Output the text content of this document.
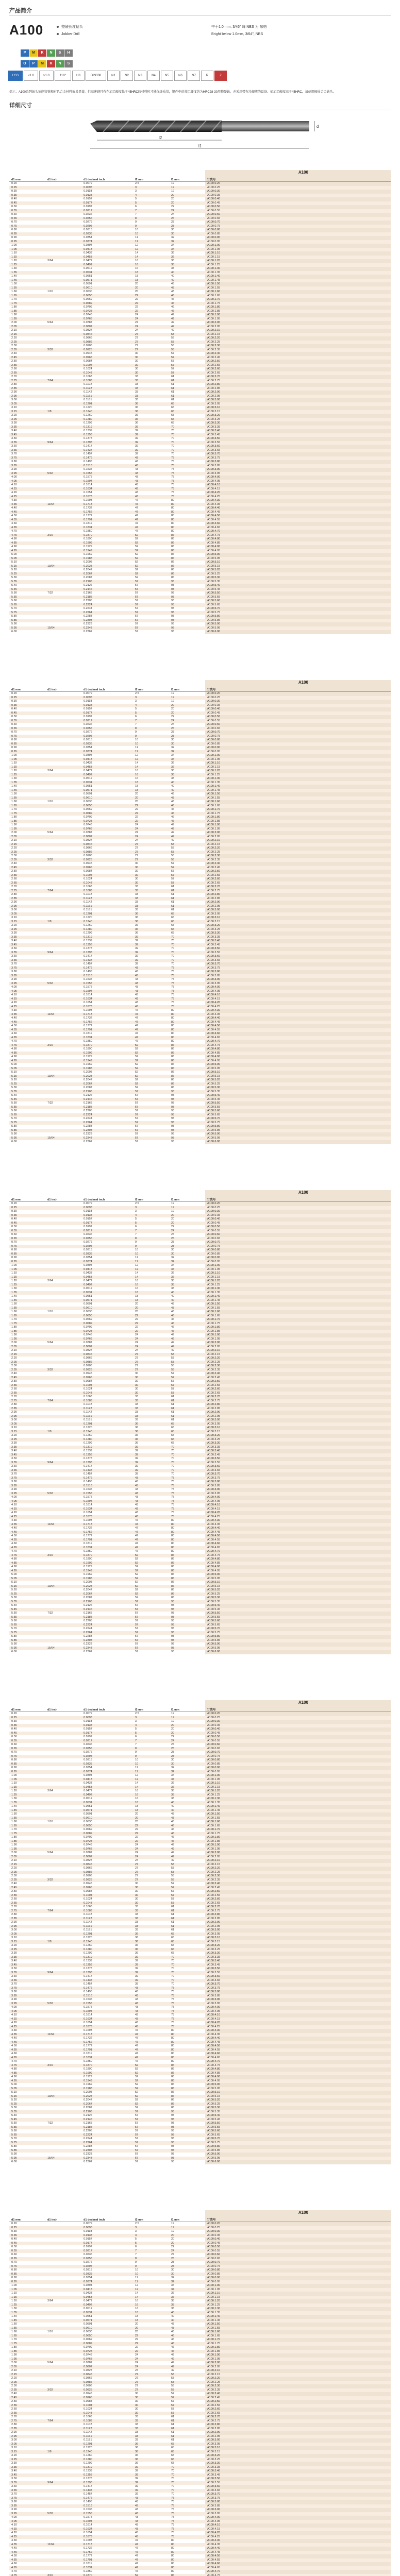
产品简介
A100	整硬长度钻头
Jobber Drill
中于1.0 mm, 3/46" 每 NBS 为 东格
Bright below 1.0mm, 3/64", NBS
P M K N S H
O P M K N S
HSS	≤1.0	≥1.0	118°	H8	DIN338	N1	N2	N3	N4	N5	N6	N7	R	Z
提示：A100系列钻头钻削铸铁和有色合金材料效果显著，但高速钢只有在加工硬度低于45HRC的材料时才能保证质量，钢件中的加工硬度约为HRC28-30用整硬钻，并采用带有冷却液的设备。如加工硬度高于45HRC，请使用硬质合金钻头。
详细尺寸
l2
l1
d
A100
d1 mm	d1 inch	d1 decimal inch	l2 mm	l1 mm	订货号
0.20		0.0079	2.5	19	A100.0.20
0.25		0.0098	3	19	A100.0.25
0.30		0.0118	3	19	A100.0.30
0.35		0.0138	4	20	A100.0.35
0.40		0.0157	5	20	A100.0.40
0.45		0.0177	5	20	A100.0.45
0.50		0.0197	6	22	A100.0.50
0.55		0.0217	7	24	A100.0.55
0.60		0.0236	7	24	A100.0.60
0.65		0.0256	8	26	A100.0.65
0.70		0.0276	9	28	A100.0.70
0.75		0.0295	9	28	A100.0.75
0.80		0.0315	10	30	A100.0.80
0.85		0.0335	10	30	A100.0.85
0.90		0.0354	11	32	A100.0.90
0.95		0.0374	11	32	A100.0.95
1.00		0.0394	12	34	A100.1.00
1.05		0.0413	12	34	A100.1.05
1.10		0.0433	14	36	A100.1.10
1.15		0.0453	14	36	A100.1.15
1.20	3/64	0.0472	16	38	A100.1.20
1.25		0.0492	16	38	A100.1.25
1.30		0.0512	16	38	A100.1.30
1.35		0.0531	18	40	A100.1.35
1.40		0.0551	18	40	A100.1.40
1.45		0.0571	18	40	A100.1.45
1.50		0.0591	20	43	A100.1.50
1.55		0.0610	20	43	A100.1.55
1.60	1/16	0.0630	20	43	A100.1.60
1.65		0.0650	22	46	A100.1.65
1.70		0.0669	22	46	A100.1.70
1.75		0.0689	22	46	A100.1.75
1.80		0.0709	22	46	A100.1.80
1.85		0.0728	22	46	A100.1.85
1.90		0.0748	24	49	A100.1.90
1.95		0.0768	24	49	A100.1.95
2.00	5/64	0.0787	24	49	A100.2.00
2.05		0.0807	24	49	A100.2.05
2.10		0.0827	24	49	A100.2.10
2.15		0.0846	27	53	A100.2.15
2.20		0.0866	27	53	A100.2.20
2.25		0.0886	27	53	A100.2.25
2.30		0.0906	27	53	A100.2.30
2.35	3/32	0.0925	27	53	A100.2.35
2.40		0.0945	30	57	A100.2.40
2.45		0.0965	30	57	A100.2.45
2.50		0.0984	30	57	A100.2.50
2.55		0.1004	30	57	A100.2.55
2.60		0.1024	30	57	A100.2.60
2.65		0.1043	30	57	A100.2.65
2.70		0.1063	33	61	A100.2.70
2.75	7/64	0.1083	33	61	A100.2.75
2.80		0.1102	33	61	A100.2.80
2.85		0.1122	33	61	A100.2.85
2.90		0.1142	33	61	A100.2.90
2.95		0.1161	33	61	A100.2.95
3.00		0.1181	33	61	A100.3.00
3.05		0.1201	36	65	A100.3.05
3.10		0.1220	36	65	A100.3.10
3.15	1/8	0.1240	36	65	A100.3.15
3.20		0.1260	36	65	A100.3.20
3.25		0.1280	36	65	A100.3.25
3.30		0.1299	36	65	A100.3.30
3.35		0.1319	39	70	A100.3.35
3.40		0.1339	39	70	A100.3.40
3.45		0.1358	39	70	A100.3.45
3.50		0.1378	39	70	A100.3.50
3.55	9/64	0.1398	39	70	A100.3.55
3.60		0.1417	39	70	A100.3.60
3.65		0.1437	39	70	A100.3.65
3.70		0.1457	39	70	A100.3.70
3.75		0.1476	43	75	A100.3.75
3.80		0.1496	43	75	A100.3.80
3.85		0.1516	43	75	A100.3.85
3.90		0.1535	43	75	A100.3.90
3.95	5/32	0.1555	43	75	A100.3.95
4.00		0.1575	43	75	A100.4.00
4.05		0.1594	43	75	A100.4.05
4.10		0.1614	43	75	A100.4.10
4.15		0.1634	43	75	A100.4.15
4.20		0.1654	43	75	A100.4.20
4.25		0.1673	43	75	A100.4.25
4.30		0.1693	47	80	A100.4.30
4.35	11/64	0.1713	47	80	A100.4.35
4.40		0.1732	47	80	A100.4.40
4.45		0.1752	47	80	A100.4.45
4.50		0.1772	47	80	A100.4.50
4.55		0.1791	47	80	A100.4.55
4.60		0.1811	47	80	A100.4.60
4.65		0.1831	47	80	A100.4.65
4.70		0.1850	47	80	A100.4.70
4.75	3/16	0.1870	52	86	A100.4.75
4.80		0.1890	52	86	A100.4.80
4.85		0.1909	52	86	A100.4.85
4.90		0.1929	52	86	A100.4.90
4.95		0.1949	52	86	A100.4.95
5.00		0.1969	52	86	A100.5.00
5.05		0.1988	52	86	A100.5.05
5.10		0.2008	52	86	A100.5.10
5.15	13/64	0.2028	52	86	A100.5.15
5.20		0.2047	52	86	A100.5.20
5.25		0.2067	52	86	A100.5.25
5.30		0.2087	52	86	A100.5.30
5.35		0.2106	57	93	A100.5.35
5.40		0.2126	57	93	A100.5.40
5.45		0.2146	57	93	A100.5.45
5.50	7/32	0.2165	57	93	A100.5.50
5.55		0.2185	57	93	A100.5.55
5.60		0.2205	57	93	A100.5.60
5.65		0.2224	57	93	A100.5.65
5.70		0.2244	57	93	A100.5.70
5.75		0.2264	57	93	A100.5.75
5.80		0.2283	57	93	A100.5.80
5.85		0.2303	57	93	A100.5.85
5.90		0.2323	57	93	A100.5.90
5.95	15/64	0.2343	57	93	A100.5.95
6.00		0.2362	57	93	A100.6.00
A100
d1 mm	d1 inch	d1 decimal inch	l2 mm	l1 mm	订货号
0.20		0.0079	2.5	19	A100.0.20
0.25		0.0098	3	19	A100.0.25
0.30		0.0118	3	19	A100.0.30
0.35		0.0138	4	20	A100.0.35
0.40		0.0157	5	20	A100.0.40
0.45		0.0177	5	20	A100.0.45
0.50		0.0197	6	22	A100.0.50
0.55		0.0217	7	24	A100.0.55
0.60		0.0236	7	24	A100.0.60
0.65		0.0256	8	26	A100.0.65
0.70		0.0276	9	28	A100.0.70
0.75		0.0295	9	28	A100.0.75
0.80		0.0315	10	30	A100.0.80
0.85		0.0335	10	30	A100.0.85
0.90		0.0354	11	32	A100.0.90
0.95		0.0374	11	32	A100.0.95
1.00		0.0394	12	34	A100.1.00
1.05		0.0413	12	34	A100.1.05
1.10		0.0433	14	36	A100.1.10
1.15		0.0453	14	36	A100.1.15
1.20	3/64	0.0472	16	38	A100.1.20
1.25		0.0492	16	38	A100.1.25
1.30		0.0512	16	38	A100.1.30
1.35		0.0531	18	40	A100.1.35
1.40		0.0551	18	40	A100.1.40
1.45		0.0571	18	40	A100.1.45
1.50		0.0591	20	43	A100.1.50
1.55		0.0610	20	43	A100.1.55
1.60	1/16	0.0630	20	43	A100.1.60
1.65		0.0650	22	46	A100.1.65
1.70		0.0669	22	46	A100.1.70
1.75		0.0689	22	46	A100.1.75
1.80		0.0709	22	46	A100.1.80
1.85		0.0728	22	46	A100.1.85
1.90		0.0748	24	49	A100.1.90
1.95		0.0768	24	49	A100.1.95
2.00	5/64	0.0787	24	49	A100.2.00
2.05		0.0807	24	49	A100.2.05
2.10		0.0827	24	49	A100.2.10
2.15		0.0846	27	53	A100.2.15
2.20		0.0866	27	53	A100.2.20
2.25		0.0886	27	53	A100.2.25
2.30		0.0906	27	53	A100.2.30
2.35	3/32	0.0925	27	53	A100.2.35
2.40		0.0945	30	57	A100.2.40
2.45		0.0965	30	57	A100.2.45
2.50		0.0984	30	57	A100.2.50
2.55		0.1004	30	57	A100.2.55
2.60		0.1024	30	57	A100.2.60
2.65		0.1043	30	57	A100.2.65
2.70		0.1063	33	61	A100.2.70
2.75	7/64	0.1083	33	61	A100.2.75
2.80		0.1102	33	61	A100.2.80
2.85		0.1122	33	61	A100.2.85
2.90		0.1142	33	61	A100.2.90
2.95		0.1161	33	61	A100.2.95
3.00		0.1181	33	61	A100.3.00
3.05		0.1201	36	65	A100.3.05
3.10		0.1220	36	65	A100.3.10
3.15	1/8	0.1240	36	65	A100.3.15
3.20		0.1260	36	65	A100.3.20
3.25		0.1280	36	65	A100.3.25
3.30		0.1299	36	65	A100.3.30
3.35		0.1319	39	70	A100.3.35
3.40		0.1339	39	70	A100.3.40
3.45		0.1358	39	70	A100.3.45
3.50		0.1378	39	70	A100.3.50
3.55	9/64	0.1398	39	70	A100.3.55
3.60		0.1417	39	70	A100.3.60
3.65		0.1437	39	70	A100.3.65
3.70		0.1457	39	70	A100.3.70
3.75		0.1476	43	75	A100.3.75
3.80		0.1496	43	75	A100.3.80
3.85		0.1516	43	75	A100.3.85
3.90		0.1535	43	75	A100.3.90
3.95	5/32	0.1555	43	75	A100.3.95
4.00		0.1575	43	75	A100.4.00
4.05		0.1594	43	75	A100.4.05
4.10		0.1614	43	75	A100.4.10
4.15		0.1634	43	75	A100.4.15
4.20		0.1654	43	75	A100.4.20
4.25		0.1673	43	75	A100.4.25
4.30		0.1693	47	80	A100.4.30
4.35	11/64	0.1713	47	80	A100.4.35
4.40		0.1732	47	80	A100.4.40
4.45		0.1752	47	80	A100.4.45
4.50		0.1772	47	80	A100.4.50
4.55		0.1791	47	80	A100.4.55
4.60		0.1811	47	80	A100.4.60
4.65		0.1831	47	80	A100.4.65
4.70		0.1850	47	80	A100.4.70
4.75	3/16	0.1870	52	86	A100.4.75
4.80		0.1890	52	86	A100.4.80
4.85		0.1909	52	86	A100.4.85
4.90		0.1929	52	86	A100.4.90
4.95		0.1949	52	86	A100.4.95
5.00		0.1969	52	86	A100.5.00
5.05		0.1988	52	86	A100.5.05
5.10		0.2008	52	86	A100.5.10
5.15	13/64	0.2028	52	86	A100.5.15
5.20		0.2047	52	86	A100.5.20
5.25		0.2067	52	86	A100.5.25
5.30		0.2087	52	86	A100.5.30
5.35		0.2106	57	93	A100.5.35
5.40		0.2126	57	93	A100.5.40
5.45		0.2146	57	93	A100.5.45
5.50	7/32	0.2165	57	93	A100.5.50
5.55		0.2185	57	93	A100.5.55
5.60		0.2205	57	93	A100.5.60
5.65		0.2224	57	93	A100.5.65
5.70		0.2244	57	93	A100.5.70
5.75		0.2264	57	93	A100.5.75
5.80		0.2283	57	93	A100.5.80
5.85		0.2303	57	93	A100.5.85
5.90		0.2323	57	93	A100.5.90
5.95	15/64	0.2343	57	93	A100.5.95
6.00		0.2362	57	93	A100.6.00
A100
d1 mm	d1 inch	d1 decimal inch	l2 mm	l1 mm	订货号
0.20		0.0079	2.5	19	A100.0.20
0.25		0.0098	3	19	A100.0.25
0.30		0.0118	3	19	A100.0.30
0.35		0.0138	4	20	A100.0.35
0.40		0.0157	5	20	A100.0.40
0.45		0.0177	5	20	A100.0.45
0.50		0.0197	6	22	A100.0.50
0.55		0.0217	7	24	A100.0.55
0.60		0.0236	7	24	A100.0.60
0.65		0.0256	8	26	A100.0.65
0.70		0.0276	9	28	A100.0.70
0.75		0.0295	9	28	A100.0.75
0.80		0.0315	10	30	A100.0.80
0.85		0.0335	10	30	A100.0.85
0.90		0.0354	11	32	A100.0.90
0.95		0.0374	11	32	A100.0.95
1.00		0.0394	12	34	A100.1.00
1.05		0.0413	12	34	A100.1.05
1.10		0.0433	14	36	A100.1.10
1.15		0.0453	14	36	A100.1.15
1.20	3/64	0.0472	16	38	A100.1.20
1.25		0.0492	16	38	A100.1.25
1.30		0.0512	16	38	A100.1.30
1.35		0.0531	18	40	A100.1.35
1.40		0.0551	18	40	A100.1.40
1.45		0.0571	18	40	A100.1.45
1.50		0.0591	20	43	A100.1.50
1.55		0.0610	20	43	A100.1.55
1.60	1/16	0.0630	20	43	A100.1.60
1.65		0.0650	22	46	A100.1.65
1.70		0.0669	22	46	A100.1.70
1.75		0.0689	22	46	A100.1.75
1.80		0.0709	22	46	A100.1.80
1.85		0.0728	22	46	A100.1.85
1.90		0.0748	24	49	A100.1.90
1.95		0.0768	24	49	A100.1.95
2.00	5/64	0.0787	24	49	A100.2.00
2.05		0.0807	24	49	A100.2.05
2.10		0.0827	24	49	A100.2.10
2.15		0.0846	27	53	A100.2.15
2.20		0.0866	27	53	A100.2.20
2.25		0.0886	27	53	A100.2.25
2.30		0.0906	27	53	A100.2.30
2.35	3/32	0.0925	27	53	A100.2.35
2.40		0.0945	30	57	A100.2.40
2.45		0.0965	30	57	A100.2.45
2.50		0.0984	30	57	A100.2.50
2.55		0.1004	30	57	A100.2.55
2.60		0.1024	30	57	A100.2.60
2.65		0.1043	30	57	A100.2.65
2.70		0.1063	33	61	A100.2.70
2.75	7/64	0.1083	33	61	A100.2.75
2.80		0.1102	33	61	A100.2.80
2.85		0.1122	33	61	A100.2.85
2.90		0.1142	33	61	A100.2.90
2.95		0.1161	33	61	A100.2.95
3.00		0.1181	33	61	A100.3.00
3.05		0.1201	36	65	A100.3.05
3.10		0.1220	36	65	A100.3.10
3.15	1/8	0.1240	36	65	A100.3.15
3.20		0.1260	36	65	A100.3.20
3.25		0.1280	36	65	A100.3.25
3.30		0.1299	36	65	A100.3.30
3.35		0.1319	39	70	A100.3.35
3.40		0.1339	39	70	A100.3.40
3.45		0.1358	39	70	A100.3.45
3.50		0.1378	39	70	A100.3.50
3.55	9/64	0.1398	39	70	A100.3.55
3.60		0.1417	39	70	A100.3.60
3.65		0.1437	39	70	A100.3.65
3.70		0.1457	39	70	A100.3.70
3.75		0.1476	43	75	A100.3.75
3.80		0.1496	43	75	A100.3.80
3.85		0.1516	43	75	A100.3.85
3.90		0.1535	43	75	A100.3.90
3.95	5/32	0.1555	43	75	A100.3.95
4.00		0.1575	43	75	A100.4.00
4.05		0.1594	43	75	A100.4.05
4.10		0.1614	43	75	A100.4.10
4.15		0.1634	43	75	A100.4.15
4.20		0.1654	43	75	A100.4.20
4.25		0.1673	43	75	A100.4.25
4.30		0.1693	47	80	A100.4.30
4.35	11/64	0.1713	47	80	A100.4.35
4.40		0.1732	47	80	A100.4.40
4.45		0.1752	47	80	A100.4.45
4.50		0.1772	47	80	A100.4.50
4.55		0.1791	47	80	A100.4.55
4.60		0.1811	47	80	A100.4.60
4.65		0.1831	47	80	A100.4.65
4.70		0.1850	47	80	A100.4.70
4.75	3/16	0.1870	52	86	A100.4.75
4.80		0.1890	52	86	A100.4.80
4.85		0.1909	52	86	A100.4.85
4.90		0.1929	52	86	A100.4.90
4.95		0.1949	52	86	A100.4.95
5.00		0.1969	52	86	A100.5.00
5.05		0.1988	52	86	A100.5.05
5.10		0.2008	52	86	A100.5.10
5.15	13/64	0.2028	52	86	A100.5.15
5.20		0.2047	52	86	A100.5.20
5.25		0.2067	52	86	A100.5.25
5.30		0.2087	52	86	A100.5.30
5.35		0.2106	57	93	A100.5.35
5.40		0.2126	57	93	A100.5.40
5.45		0.2146	57	93	A100.5.45
5.50	7/32	0.2165	57	93	A100.5.50
5.55		0.2185	57	93	A100.5.55
5.60		0.2205	57	93	A100.5.60
5.65		0.2224	57	93	A100.5.65
5.70		0.2244	57	93	A100.5.70
5.75		0.2264	57	93	A100.5.75
5.80		0.2283	57	93	A100.5.80
5.85		0.2303	57	93	A100.5.85
5.90		0.2323	57	93	A100.5.90
5.95	15/64	0.2343	57	93	A100.5.95
6.00		0.2362	57	93	A100.6.00
A100
d1 mm	d1 inch	d1 decimal inch	l2 mm	l1 mm	订货号
0.20		0.0079	2.5	19	A100.0.20
0.25		0.0098	3	19	A100.0.25
0.30		0.0118	3	19	A100.0.30
0.35		0.0138	4	20	A100.0.35
0.40		0.0157	5	20	A100.0.40
0.45		0.0177	5	20	A100.0.45
0.50		0.0197	6	22	A100.0.50
0.55		0.0217	7	24	A100.0.55
0.60		0.0236	7	24	A100.0.60
0.65		0.0256	8	26	A100.0.65
0.70		0.0276	9	28	A100.0.70
0.75		0.0295	9	28	A100.0.75
0.80		0.0315	10	30	A100.0.80
0.85		0.0335	10	30	A100.0.85
0.90		0.0354	11	32	A100.0.90
0.95		0.0374	11	32	A100.0.95
1.00		0.0394	12	34	A100.1.00
1.05		0.0413	12	34	A100.1.05
1.10		0.0433	14	36	A100.1.10
1.15		0.0453	14	36	A100.1.15
1.20	3/64	0.0472	16	38	A100.1.20
1.25		0.0492	16	38	A100.1.25
1.30		0.0512	16	38	A100.1.30
1.35		0.0531	18	40	A100.1.35
1.40		0.0551	18	40	A100.1.40
1.45		0.0571	18	40	A100.1.45
1.50		0.0591	20	43	A100.1.50
1.55		0.0610	20	43	A100.1.55
1.60	1/16	0.0630	20	43	A100.1.60
1.65		0.0650	22	46	A100.1.65
1.70		0.0669	22	46	A100.1.70
1.75		0.0689	22	46	A100.1.75
1.80		0.0709	22	46	A100.1.80
1.85		0.0728	22	46	A100.1.85
1.90		0.0748	24	49	A100.1.90
1.95		0.0768	24	49	A100.1.95
2.00	5/64	0.0787	24	49	A100.2.00
2.05		0.0807	24	49	A100.2.05
2.10		0.0827	24	49	A100.2.10
2.15		0.0846	27	53	A100.2.15
2.20		0.0866	27	53	A100.2.20
2.25		0.0886	27	53	A100.2.25
2.30		0.0906	27	53	A100.2.30
2.35	3/32	0.0925	27	53	A100.2.35
2.40		0.0945	30	57	A100.2.40
2.45		0.0965	30	57	A100.2.45
2.50		0.0984	30	57	A100.2.50
2.55		0.1004	30	57	A100.2.55
2.60		0.1024	30	57	A100.2.60
2.65		0.1043	30	57	A100.2.65
2.70		0.1063	33	61	A100.2.70
2.75	7/64	0.1083	33	61	A100.2.75
2.80		0.1102	33	61	A100.2.80
2.85		0.1122	33	61	A100.2.85
2.90		0.1142	33	61	A100.2.90
2.95		0.1161	33	61	A100.2.95
3.00		0.1181	33	61	A100.3.00
3.05		0.1201	36	65	A100.3.05
3.10		0.1220	36	65	A100.3.10
3.15	1/8	0.1240	36	65	A100.3.15
3.20		0.1260	36	65	A100.3.20
3.25		0.1280	36	65	A100.3.25
3.30		0.1299	36	65	A100.3.30
3.35		0.1319	39	70	A100.3.35
3.40		0.1339	39	70	A100.3.40
3.45		0.1358	39	70	A100.3.45
3.50		0.1378	39	70	A100.3.50
3.55	9/64	0.1398	39	70	A100.3.55
3.60		0.1417	39	70	A100.3.60
3.65		0.1437	39	70	A100.3.65
3.70		0.1457	39	70	A100.3.70
3.75		0.1476	43	75	A100.3.75
3.80		0.1496	43	75	A100.3.80
3.85		0.1516	43	75	A100.3.85
3.90		0.1535	43	75	A100.3.90
3.95	5/32	0.1555	43	75	A100.3.95
4.00		0.1575	43	75	A100.4.00
4.05		0.1594	43	75	A100.4.05
4.10		0.1614	43	75	A100.4.10
4.15		0.1634	43	75	A100.4.15
4.20		0.1654	43	75	A100.4.20
4.25		0.1673	43	75	A100.4.25
4.30		0.1693	47	80	A100.4.30
4.35	11/64	0.1713	47	80	A100.4.35
4.40		0.1732	47	80	A100.4.40
4.45		0.1752	47	80	A100.4.45
4.50		0.1772	47	80	A100.4.50
4.55		0.1791	47	80	A100.4.55
4.60		0.1811	47	80	A100.4.60
4.65		0.1831	47	80	A100.4.65
4.70		0.1850	47	80	A100.4.70
4.75	3/16	0.1870	52	86	A100.4.75
4.80		0.1890	52	86	A100.4.80
4.85		0.1909	52	86	A100.4.85
4.90		0.1929	52	86	A100.4.90
4.95		0.1949	52	86	A100.4.95
5.00		0.1969	52	86	A100.5.00
5.05		0.1988	52	86	A100.5.05
5.10		0.2008	52	86	A100.5.10
5.15	13/64	0.2028	52	86	A100.5.15
5.20		0.2047	52	86	A100.5.20
5.25		0.2067	52	86	A100.5.25
5.30		0.2087	52	86	A100.5.30
5.35		0.2106	57	93	A100.5.35
5.40		0.2126	57	93	A100.5.40
5.45		0.2146	57	93	A100.5.45
5.50	7/32	0.2165	57	93	A100.5.50
5.55		0.2185	57	93	A100.5.55
5.60		0.2205	57	93	A100.5.60
5.65		0.2224	57	93	A100.5.65
5.70		0.2244	57	93	A100.5.70
5.75		0.2264	57	93	A100.5.75
5.80		0.2283	57	93	A100.5.80
5.85		0.2303	57	93	A100.5.85
5.90		0.2323	57	93	A100.5.90
5.95	15/64	0.2343	57	93	A100.5.95
6.00		0.2362	57	93	A100.6.00
A100
d1 mm	d1 inch	d1 decimal inch	l2 mm	l1 mm	订货号
0.20		0.0079	2.5	19	A100.0.20
0.25		0.0098	3	19	A100.0.25
0.30		0.0118	3	19	A100.0.30
0.35		0.0138	4	20	A100.0.35
0.40		0.0157	5	20	A100.0.40
0.45		0.0177	5	20	A100.0.45
0.50		0.0197	6	22	A100.0.50
0.55		0.0217	7	24	A100.0.55
0.60		0.0236	7	24	A100.0.60
0.65		0.0256	8	26	A100.0.65
0.70		0.0276	9	28	A100.0.70
0.75		0.0295	9	28	A100.0.75
0.80		0.0315	10	30	A100.0.80
0.85		0.0335	10	30	A100.0.85
0.90		0.0354	11	32	A100.0.90
0.95		0.0374	11	32	A100.0.95
1.00		0.0394	12	34	A100.1.00
1.05		0.0413	12	34	A100.1.05
1.10		0.0433	14	36	A100.1.10
1.15		0.0453	14	36	A100.1.15
1.20	3/64	0.0472	16	38	A100.1.20
1.25		0.0492	16	38	A100.1.25
1.30		0.0512	16	38	A100.1.30
1.35		0.0531	18	40	A100.1.35
1.40		0.0551	18	40	A100.1.40
1.45		0.0571	18	40	A100.1.45
1.50		0.0591	20	43	A100.1.50
1.55		0.0610	20	43	A100.1.55
1.60	1/16	0.0630	20	43	A100.1.60
1.65		0.0650	22	46	A100.1.65
1.70		0.0669	22	46	A100.1.70
1.75		0.0689	22	46	A100.1.75
1.80		0.0709	22	46	A100.1.80
1.85		0.0728	22	46	A100.1.85
1.90		0.0748	24	49	A100.1.90
1.95		0.0768	24	49	A100.1.95
2.00	5/64	0.0787	24	49	A100.2.00
2.05		0.0807	24	49	A100.2.05
2.10		0.0827	24	49	A100.2.10
2.15		0.0846	27	53	A100.2.15
2.20		0.0866	27	53	A100.2.20
2.25		0.0886	27	53	A100.2.25
2.30		0.0906	27	53	A100.2.30
2.35	3/32	0.0925	27	53	A100.2.35
2.40		0.0945	30	57	A100.2.40
2.45		0.0965	30	57	A100.2.45
2.50		0.0984	30	57	A100.2.50
2.55		0.1004	30	57	A100.2.55
2.60		0.1024	30	57	A100.2.60
2.65		0.1043	30	57	A100.2.65
2.70		0.1063	33	61	A100.2.70
2.75	7/64	0.1083	33	61	A100.2.75
2.80		0.1102	33	61	A100.2.80
2.85		0.1122	33	61	A100.2.85
2.90		0.1142	33	61	A100.2.90
2.95		0.1161	33	61	A100.2.95
3.00		0.1181	33	61	A100.3.00
3.05		0.1201	36	65	A100.3.05
3.10		0.1220	36	65	A100.3.10
3.15	1/8	0.1240	36	65	A100.3.15
3.20		0.1260	36	65	A100.3.20
3.25		0.1280	36	65	A100.3.25
3.30		0.1299	36	65	A100.3.30
3.35		0.1319	39	70	A100.3.35
3.40		0.1339	39	70	A100.3.40
3.45		0.1358	39	70	A100.3.45
3.50		0.1378	39	70	A100.3.50
3.55	9/64	0.1398	39	70	A100.3.55
3.60		0.1417	39	70	A100.3.60
3.65		0.1437	39	70	A100.3.65
3.70		0.1457	39	70	A100.3.70
3.75		0.1476	43	75	A100.3.75
3.80		0.1496	43	75	A100.3.80
3.85		0.1516	43	75	A100.3.85
3.90		0.1535	43	75	A100.3.90
3.95	5/32	0.1555	43	75	A100.3.95
4.00		0.1575	43	75	A100.4.00
4.05		0.1594	43	75	A100.4.05
4.10		0.1614	43	75	A100.4.10
4.15		0.1634	43	75	A100.4.15
4.20		0.1654	43	75	A100.4.20
4.25		0.1673	43	75	A100.4.25
4.30		0.1693	47	80	A100.4.30
4.35	11/64	0.1713	47	80	A100.4.35
4.40		0.1732	47	80	A100.4.40
4.45		0.1752	47	80	A100.4.45
4.50		0.1772	47	80	A100.4.50
4.55		0.1791	47	80	A100.4.55
4.60		0.1811	47	80	A100.4.60
4.65		0.1831	47	80	A100.4.65
4.70		0.1850	47	80	A100.4.70
4.75	3/16	0.1870	52	86	A100.4.75
